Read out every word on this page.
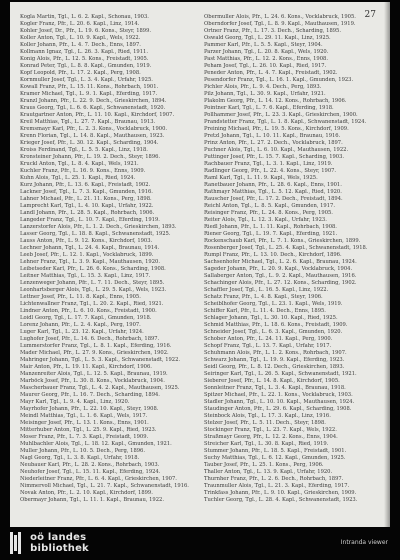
27

Kogla Martin, Tgl., L. 6. 2. Kapl., Schonau, 1903.

Kogler Franz, Pfr., L. 20. 6. Kapl., Linz, 1914.

Kohler Josef, Dr., Pfr., L. 19. 6. Kons., Steyr, 1899.

Koller Anton, Tgl., L. 10. 9. Kapl., Wels, 1922.

Koller Johann, Pfr., L. 4. 7. Dech., Enns, 1897.

Kollmann Ignaz, Tgl., L. 26. 3. Kapl., Ried, 1911.

Konig Alois, Pfr., L. 12. 5. Kons., Freistadt, 1905.

Konrad Peter, Tgl., L. 8. 8. Kapl., Gmunden, 1919.

Kopf Leopold, Pfr., L. 17. 2. Kapl., Perg, 1908.

Kornmuller Josef, Tgl., L. 3. 4. Kapl., Urfahr, 1925.

Kowall Franz, Pfr., L. 15. 11. Kons., Rohrbach, 1901.

Kramer Michael, Tgl., L. 9. 1. Kapl., Eferding, 1917.

Kranzl Johann, Pfr., L. 22. 9. Dech., Grieskirchen, 1894.

Kraus Georg, Tgl., L. 6. 6. Kapl., Schwanenstadt, 1920.

Krautgartner Anton, Pfr., L. 11. 10. Kapl., Kirchdorf, 1907.

Kreil Matthias, Tgl., L. 27. 7. Kapl., Braunau, 1913.

Kremsmayr Karl, Pfr., L. 2. 3. Kons., Vocklabruck, 1900.

Krenn Florian, Tgl., L. 14. 8. Kapl., Mauthausen, 1923.

Krieger Josef, Pfr., L. 30. 12. Kapl., Scharding, 1904.

Kroiss Ferdinand, Tgl., L. 5. 5. Kapl., Linz, 1918.

Kronsteiner Johann, Pfr., L. 19. 2. Dech., Steyr, 1896.

Kruckl Anton, Tgl., L. 8. 4. Kapl., Wels, 1921.

Kuchler Franz, Pfr., L. 16. 9. Kons., Enns, 1909.

Kuhn Alois, Tgl., L. 25. 1. Kapl., Ried, 1924.

Kurz Johann, Pfr., L. 13. 6. Kapl., Freistadt, 1902.

Lackner Josef, Tgl., L. 7. 3. Kapl., Gmunden, 1916.

Lahner Michael, Pfr., L. 21. 11. Kons., Perg, 1898.

Lamprecht Karl, Tgl., L. 4. 10. Kapl., Urfahr, 1922.

Landl Johann, Pfr., L. 28. 5. Kapl., Rohrbach, 1906.

Langeder Franz, Tgl., L. 10. 7. Kapl., Eferding, 1919.

Lanzerstorfer Alois, Pfr., L. 1. 2. Dech., Grieskirchen, 1893.

Lasser Georg, Tgl., L. 18. 8. Kapl., Schwanenstadt, 1925.

Lauss Anton, Pfr., L. 9. 12. Kons., Kirchdorf, 1903.

Lechner Johann, Tgl., L. 24. 4. Kapl., Braunau, 1914.

Leeb Josef, Pfr., L. 12. 1. Kapl., Vocklabruck, 1899.

Lehner Franz, Tgl., L. 3. 9. Kapl., Mauthausen, 1920.

Leibetseder Karl, Pfr., L. 26. 6. Kons., Scharding, 1908.

Leitner Matthias, Tgl., L. 15. 3. Kapl., Linz, 1917.

Lenzenweger Johann, Pfr., L. 7. 11. Dech., Steyr, 1895.

Leonhartsberger Alois, Tgl., L. 29. 5. Kapl., Wels, 1923.

Lettner Josef, Pfr., L. 11. 8. Kapl., Enns, 1905.

Lichtenwallner Franz, Tgl., L. 20. 2. Kapl., Ried, 1921.

Lindner Anton, Pfr., L. 6. 10. Kons., Freistadt, 1900.

Loidl Georg, Tgl., L. 17. 7. Kapl., Gmunden, 1918.

Lorenz Johann, Pfr., L. 2. 4. Kapl., Perg, 1907.

Luger Karl, Tgl., L. 23. 12. Kapl., Urfahr, 1924.

Lughofer Josef, Pfr., L. 14. 6. Dech., Rohrbach, 1897.

Lummerstorfer Franz, Tgl., L. 8. 1. Kapl., Eferding, 1916.

Mader Michael, Pfr., L. 27. 9. Kons., Grieskirchen, 1902.

Mahringer Johann, Tgl., L. 5. 3. Kapl., Schwanenstadt, 1922.

Mair Anton, Pfr., L. 19. 11. Kapl., Kirchdorf, 1906.

Manzenreiter Alois, Tgl., L. 12. 5. Kapl., Braunau, 1919.

Marböck Josef, Pfr., L. 30. 8. Kons., Vocklabruck, 1904.

Mascherbauer Franz, Tgl., L. 4. 2. Kapl., Mauthausen, 1925.

Maurer Georg, Pfr., L. 16. 7. Dech., Scharding, 1894.

Mayr Karl, Tgl., L. 9. 4. Kapl., Linz, 1920.

Mayrhofer Johann, Pfr., L. 22. 10. Kapl., Steyr, 1908.

Meindl Matthias, Tgl., L. 1. 6. Kapl., Wels, 1917.

Meisinger Josef, Pfr., L. 13. 1. Kons., Enns, 1901.

Mitterhuber Anton, Tgl., L. 25. 9. Kapl., Ried, 1923.

Moser Franz, Pfr., L. 7. 3. Kapl., Freistadt, 1909.

Muhlbachler Alois, Tgl., L. 18. 12. Kapl., Gmunden, 1921.

Muller Johann, Pfr., L. 10. 5. Dech., Perg, 1896.

Nagl Georg, Tgl., L. 3. 8. Kapl., Urfahr, 1918.

Neubauer Karl, Pfr., L. 28. 2. Kons., Rohrbach, 1903.

Neuhofer Josef, Tgl., L. 15. 11. Kapl., Eferding, 1924.

Niederleitner Franz, Pfr., L. 6. 4. Kapl., Grieskirchen, 1907.

Nimmervoll Michael, Tgl., L. 21. 7. Kapl., Schwanenstadt, 1916.

Novak Anton, Pfr., L. 2. 10. Kapl., Kirchdorf, 1899.

Obermayr Johann, Tgl., L. 11. 1. Kapl., Braunau, 1922.

Obermuller Alois, Pfr., L. 24. 6. Kons., Vocklabruck, 1905.

Oberndorfer Josef, Tgl., L. 8. 9. Kapl., Mauthausen, 1919.

Ortner Franz, Pfr., L. 17. 3. Dech., Scharding, 1895.

Oswald Georg, Tgl., L. 29. 11. Kapl., Linz, 1925.

Pammer Karl, Pfr., L. 5. 5. Kapl., Steyr, 1904.

Parzer Johann, Tgl., L. 20. 8. Kapl., Wels, 1920.

Past Matthias, Pfr., L. 12. 2. Kons., Enns, 1908.

Peham Josef, Tgl., L. 26. 10. Kapl., Ried, 1917.

Peneder Anton, Pfr., L. 4. 7. Kapl., Freistadt, 1902.

Pesendorfer Franz, Tgl., L. 16. 1. Kapl., Gmunden, 1923.

Pichler Alois, Pfr., L. 9. 4. Dech., Perg, 1893.

Pilz Johann, Tgl., L. 30. 9. Kapl., Urfahr, 1921.

Plakolm Georg, Pfr., L. 14. 12. Kons., Rohrbach, 1906.

Pointner Karl, Tgl., L. 7. 6. Kapl., Eferding, 1918.

Pollhammer Josef, Pfr., L. 23. 3. Kapl., Grieskirchen, 1900.

Prandstetter Franz, Tgl., L. 1. 8. Kapl., Schwanenstadt, 1924.

Preining Michael, Pfr., L. 19. 5. Kons., Kirchdorf, 1909.

Pretzl Johann, Tgl., L. 10. 11. Kapl., Braunau, 1916.

Prinz Anton, Pfr., L. 27. 2. Dech., Vocklabruck, 1897.

Puchner Alois, Tgl., L. 6. 10. Kapl., Mauthausen, 1922.

Puttinger Josef, Pfr., L. 15. 7. Kapl., Scharding, 1903.

Rachbauer Franz, Tgl., L. 3. 1. Kapl., Linz, 1919.

Radlinger Georg, Pfr., L. 22. 4. Kons., Steyr, 1907.

Raml Karl, Tgl., L. 11. 9. Kapl., Wels, 1925.

Ranetbauer Johann, Pfr., L. 28. 6. Kapl., Enns, 1901.

Rathmayr Matthias, Tgl., L. 5. 12. Kapl., Ried, 1920.

Rauscher Josef, Pfr., L. 17. 2. Dech., Freistadt, 1894.

Reichl Anton, Tgl., L. 8. 5. Kapl., Gmunden, 1917.

Reisinger Franz, Pfr., L. 24. 8. Kons., Perg, 1905.

Reiter Alois, Tgl., L. 12. 3. Kapl., Urfahr, 1923.

Riedl Johann, Pfr., L. 1. 11. Kapl., Rohrbach, 1908.

Riener Georg, Tgl., L. 19. 7. Kapl., Eferding, 1921.

Rockenschaub Karl, Pfr., L. 7. 1. Kons., Grieskirchen, 1899.

Rosenberger Josef, Tgl., L. 25. 4. Kapl., Schwanenstadt, 1918.

Rumpl Franz, Pfr., L. 13. 10. Dech., Kirchdorf, 1896.

Sachsenhofer Michael, Tgl., L. 2. 6. Kapl., Braunau, 1924.

Sageder Johann, Pfr., L. 20. 9. Kapl., Vocklabruck, 1904.

Sallaberger Anton, Tgl., L. 9. 2. Kapl., Mauthausen, 1916.

Schachinger Alois, Pfr., L. 27. 12. Kons., Scharding, 1902.

Schaffler Josef, Tgl., L. 16. 5. Kapl., Linz, 1922.

Schatz Franz, Pfr., L. 4. 8. Kapl., Steyr, 1906.

Scheiblhofer Georg, Tgl., L. 23. 1. Kapl., Wels, 1919.

Schiffer Karl, Pfr., L. 11. 4. Dech., Enns, 1895.

Schlager Johann, Tgl., L. 30. 10. Kapl., Ried, 1925.

Schmid Matthias, Pfr., L. 18. 6. Kons., Freistadt, 1909.

Schneider Josef, Tgl., L. 6. 3. Kapl., Gmunden, 1920.

Schober Anton, Pfr., L. 24. 11. Kapl., Perg, 1900.

Schopf Franz, Tgl., L. 13. 7. Kapl., Urfahr, 1917.

Schuhmann Alois, Pfr., L. 1. 2. Kons., Rohrbach, 1907.

Schwarz Johann, Tgl., L. 19. 9. Kapl., Eferding, 1923.

Seidl Georg, Pfr., L. 8. 12. Dech., Grieskirchen, 1893.

Seiringer Karl, Tgl., L. 26. 5. Kapl., Schwanenstadt, 1921.

Sieberer Josef, Pfr., L. 14. 8. Kapl., Kirchdorf, 1905.

Sonnleitner Franz, Tgl., L. 3. 4. Kapl., Braunau, 1918.

Spitzer Michael, Pfr., L. 22. 1. Kons., Vocklabruck, 1903.

Stadler Johann, Tgl., L. 10. 10. Kapl., Mauthausen, 1924.

Staudinger Anton, Pfr., L. 29. 6. Kapl., Scharding, 1908.

Steinbock Alois, Tgl., L. 17. 3. Kapl., Linz, 1916.

Stelzer Josef, Pfr., L. 5. 11. Dech., Steyr, 1898.

Stockinger Franz, Tgl., L. 23. 7. Kapl., Wels, 1922.

Straßmayr Georg, Pfr., L. 12. 2. Kons., Enns, 1904.

Streicher Karl, Tgl., L. 30. 8. Kapl., Ried, 1919.

Stummer Johann, Pfr., L. 18. 5. Kapl., Freistadt, 1901.

Suchy Matthias, Tgl., L. 6. 12. Kapl., Gmunden, 1925.

Tauber Josef, Pfr., L. 25. 1. Kons., Perg, 1906.

Thaller Anton, Tgl., L. 13. 9. Kapl., Urfahr, 1920.

Thurnher Franz, Pfr., L. 2. 6. Dech., Rohrbach, 1897.

Traunmuller Alois, Tgl., L. 21. 3. Kapl., Eferding, 1917.

Trinkfass Johann, Pfr., L. 9. 10. Kapl., Grieskirchen, 1909.

Tuchler Georg, Tgl., L. 28. 4. Kapl., Schwanenstadt, 1923.

oö landes
bibliothek
Intranda viewer
